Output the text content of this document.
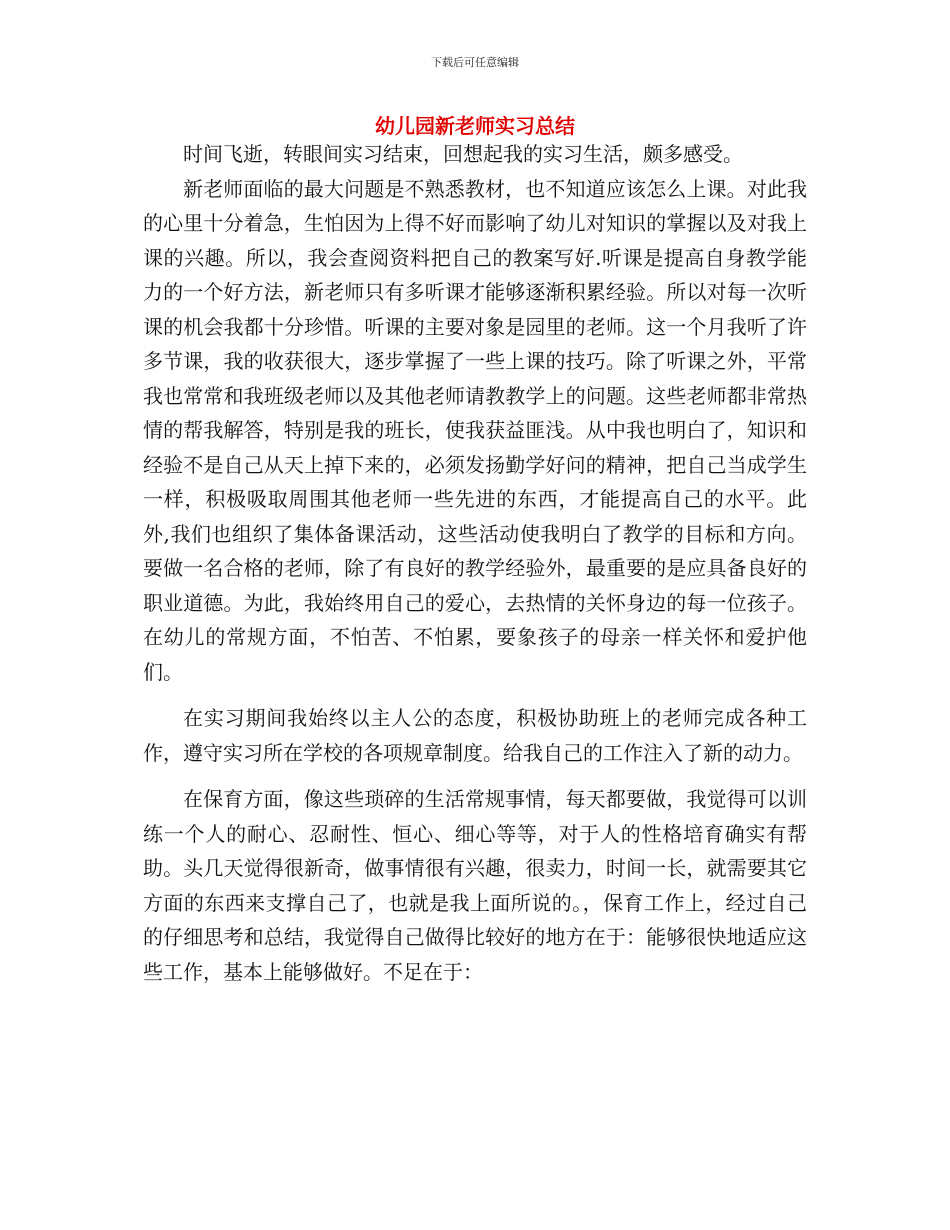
下载后可任意编辑
幼儿园新老师实习总结

时间飞逝，转眼间实习结束，回想起我的实习生活，颇多感受。

新老师面临的最大问题是不熟悉教材，也不知道应该怎么上课。对此我的心里十分着急，生怕因为上得不好而影响了幼儿对知识的掌握以及对我上课的兴趣。所以，我会查阅资料把自己的教案写好.听课是提高自身教学能力的一个好方法，新老师只有多听课才能够逐渐积累经验。所以对每一次听课的机会我都十分珍惜。听课的主要对象是园里的老师。这一个月我听了许多节课，我的收获很大，逐步掌握了一些上课的技巧。除了听课之外，平常我也常常和我班级老师以及其他老师请教教学上的问题。这些老师都非常热情的帮我解答，特别是我的班长，使我获益匪浅。从中我也明白了，知识和经验不是自己从天上掉下来的，必须发扬勤学好问的精神，把自己当成学生一样，积极吸取周围其他老师一些先进的东西，才能提高自己的水平。此外,我们也组织了集体备课活动，这些活动使我明白了教学的目标和方向。要做一名合格的老师，除了有良好的教学经验外，最重要的是应具备良好的职业道德。为此，我始终用自己的爱心，去热情的关怀身边的每一位孩子。在幼儿的常规方面，不怕苦、不怕累，要象孩子的母亲一样关怀和爱护他们。

在实习期间我始终以主人公的态度，积极协助班上的老师完成各种工作，遵守实习所在学校的各项规章制度。给我自己的工作注入了新的动力。

在保育方面，像这些琐碎的生活常规事情，每天都要做，我觉得可以训练一个人的耐心、忍耐性、恒心、细心等等，对于人的性格培育确实有帮助。头几天觉得很新奇，做事情很有兴趣，很卖力，时间一长，就需要其它方面的东西来支撑自己了，也就是我上面所说的。，保育工作上，经过自己的仔细思考和总结，我觉得自己做得比较好的地方在于：能够很快地适应这些工作，基本上能够做好。不足在于：
